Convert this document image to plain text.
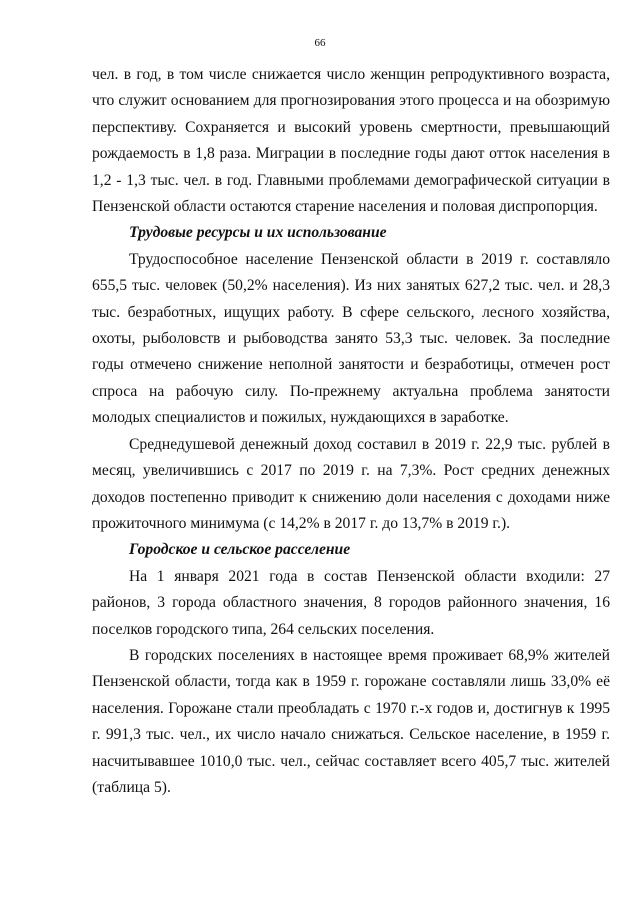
66

чел. в год, в том числе снижается число женщин репродуктивного возраста, что служит основанием для прогнозирования этого процесса и на обозримую перспективу. Сохраняется и высокий уровень смертности, превышающий рождаемость в 1,8 раза. Миграции в последние годы дают отток населения в 1,2 - 1,3 тыс. чел. в год. Главными проблемами демографической ситуации в Пензенской области остаются старение населения и половая диспропорция.

Трудовые ресурсы и их использование

Трудоспособное население Пензенской области в 2019 г. составляло 655,5 тыс. человек (50,2% населения). Из них занятых 627,2 тыс. чел. и 28,3 тыс. безработных, ищущих работу. В сфере сельского, лесного хозяйства, охоты, рыболовств и рыбоводства занято 53,3 тыс. человек. За последние годы отмечено снижение неполной занятости и безработицы, отмечен рост спроса на рабочую силу. По-прежнему актуальна проблема занятости молодых специалистов и пожилых, нуждающихся в заработке.

Среднедушевой денежный доход составил в 2019 г. 22,9 тыс. рублей в месяц, увеличившись с 2017 по 2019 г. на 7,3%. Рост средних денежных доходов постепенно приводит к снижению доли населения с доходами ниже прожиточного минимума (с 14,2% в 2017 г. до 13,7% в 2019 г.).

Городское и сельское расселение

На 1 января 2021 года в состав Пензенской области входили: 27 районов, 3 города областного значения, 8 городов районного значения, 16 поселков городского типа, 264 сельских поселения.

В городских поселениях в настоящее время проживает 68,9% жителей Пензенской области, тогда как в 1959 г. горожане составляли лишь 33,0% её населения. Горожане стали преобладать с 1970 г.-х годов и, достигнув к 1995 г. 991,3 тыс. чел., их число начало снижаться. Сельское население, в 1959 г. насчитывавшее 1010,0 тыс. чел., сейчас составляет всего 405,7 тыс. жителей (таблица 5).
